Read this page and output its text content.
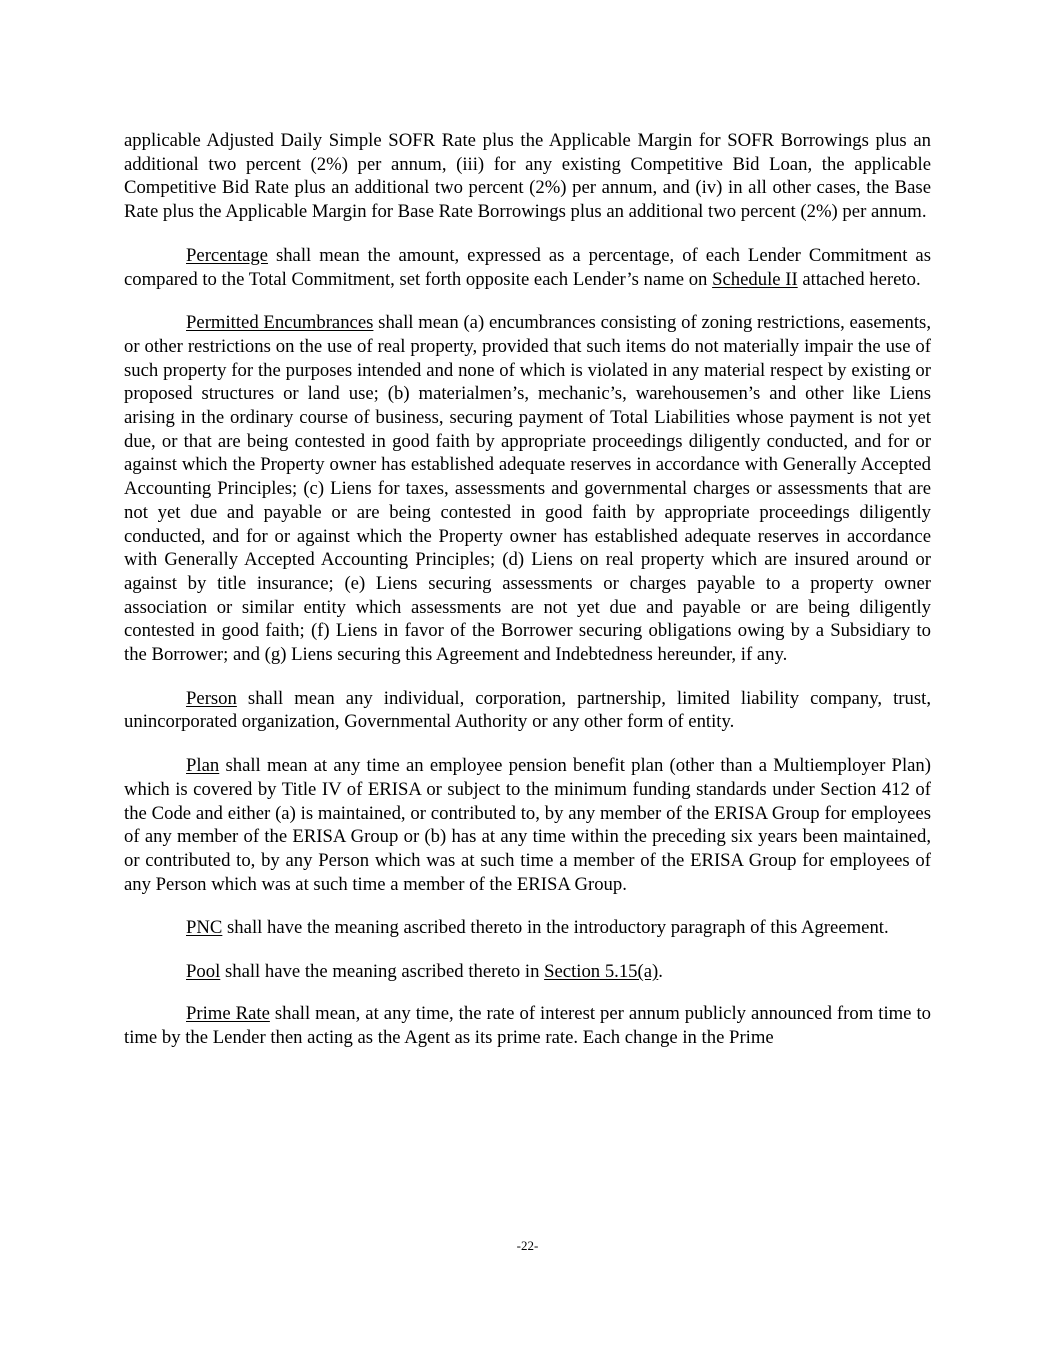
applicable Adjusted Daily Simple SOFR Rate plus the Applicable Margin for SOFR Borrowings plus an additional two percent (2%) per annum, (iii) for any existing Competitive Bid Loan, the applicable Competitive Bid Rate plus an additional two percent (2%) per annum, and (iv) in all other cases, the Base Rate plus the Applicable Margin for Base Rate Borrowings plus an additional two percent (2%) per annum.

Percentage shall mean the amount, expressed as a percentage, of each Lender Commitment as compared to the Total Commitment, set forth opposite each Lender’s name on Schedule II attached hereto.

Permitted Encumbrances shall mean (a) encumbrances consisting of zoning restrictions, easements, or other restrictions on the use of real property, provided that such items do not materially impair the use of such property for the purposes intended and none of which is violated in any material respect by existing or proposed structures or land use; (b) materialmen’s, mechanic’s, warehousemen’s and other like Liens arising in the ordinary course of business, securing payment of Total Liabilities whose payment is not yet due, or that are being contested in good faith by appropriate proceedings diligently conducted, and for or against which the Property owner has established adequate reserves in accordance with Generally Accepted Accounting Principles; (c) Liens for taxes, assessments and governmental charges or assessments that are not yet due and payable or are being contested in good faith by appropriate proceedings diligently conducted, and for or against which the Property owner has established adequate reserves in accordance with Generally Accepted Accounting Principles; (d) Liens on real property which are insured around or against by title insurance; (e) Liens securing assessments or charges payable to a property owner association or similar entity which assessments are not yet due and payable or are being diligently contested in good faith; (f) Liens in favor of the Borrower securing obligations owing by a Subsidiary to the Borrower; and (g) Liens securing this Agreement and Indebtedness hereunder, if any.

Person shall mean any individual, corporation, partnership, limited liability company, trust, unincorporated organization, Governmental Authority or any other form of entity.

Plan shall mean at any time an employee pension benefit plan (other than a Multiemployer Plan) which is covered by Title IV of ERISA or subject to the minimum funding standards under Section 412 of the Code and either (a) is maintained, or contributed to, by any member of the ERISA Group for employees of any member of the ERISA Group or (b) has at any time within the preceding six years been maintained, or contributed to, by any Person which was at such time a member of the ERISA Group for employees of any Person which was at such time a member of the ERISA Group.

PNC shall have the meaning ascribed thereto in the introductory paragraph of this Agreement.

Pool shall have the meaning ascribed thereto in Section 5.15(a).

Prime Rate shall mean, at any time, the rate of interest per annum publicly announced from time to time by the Lender then acting as the Agent as its prime rate. Each change in the Prime

-22-
